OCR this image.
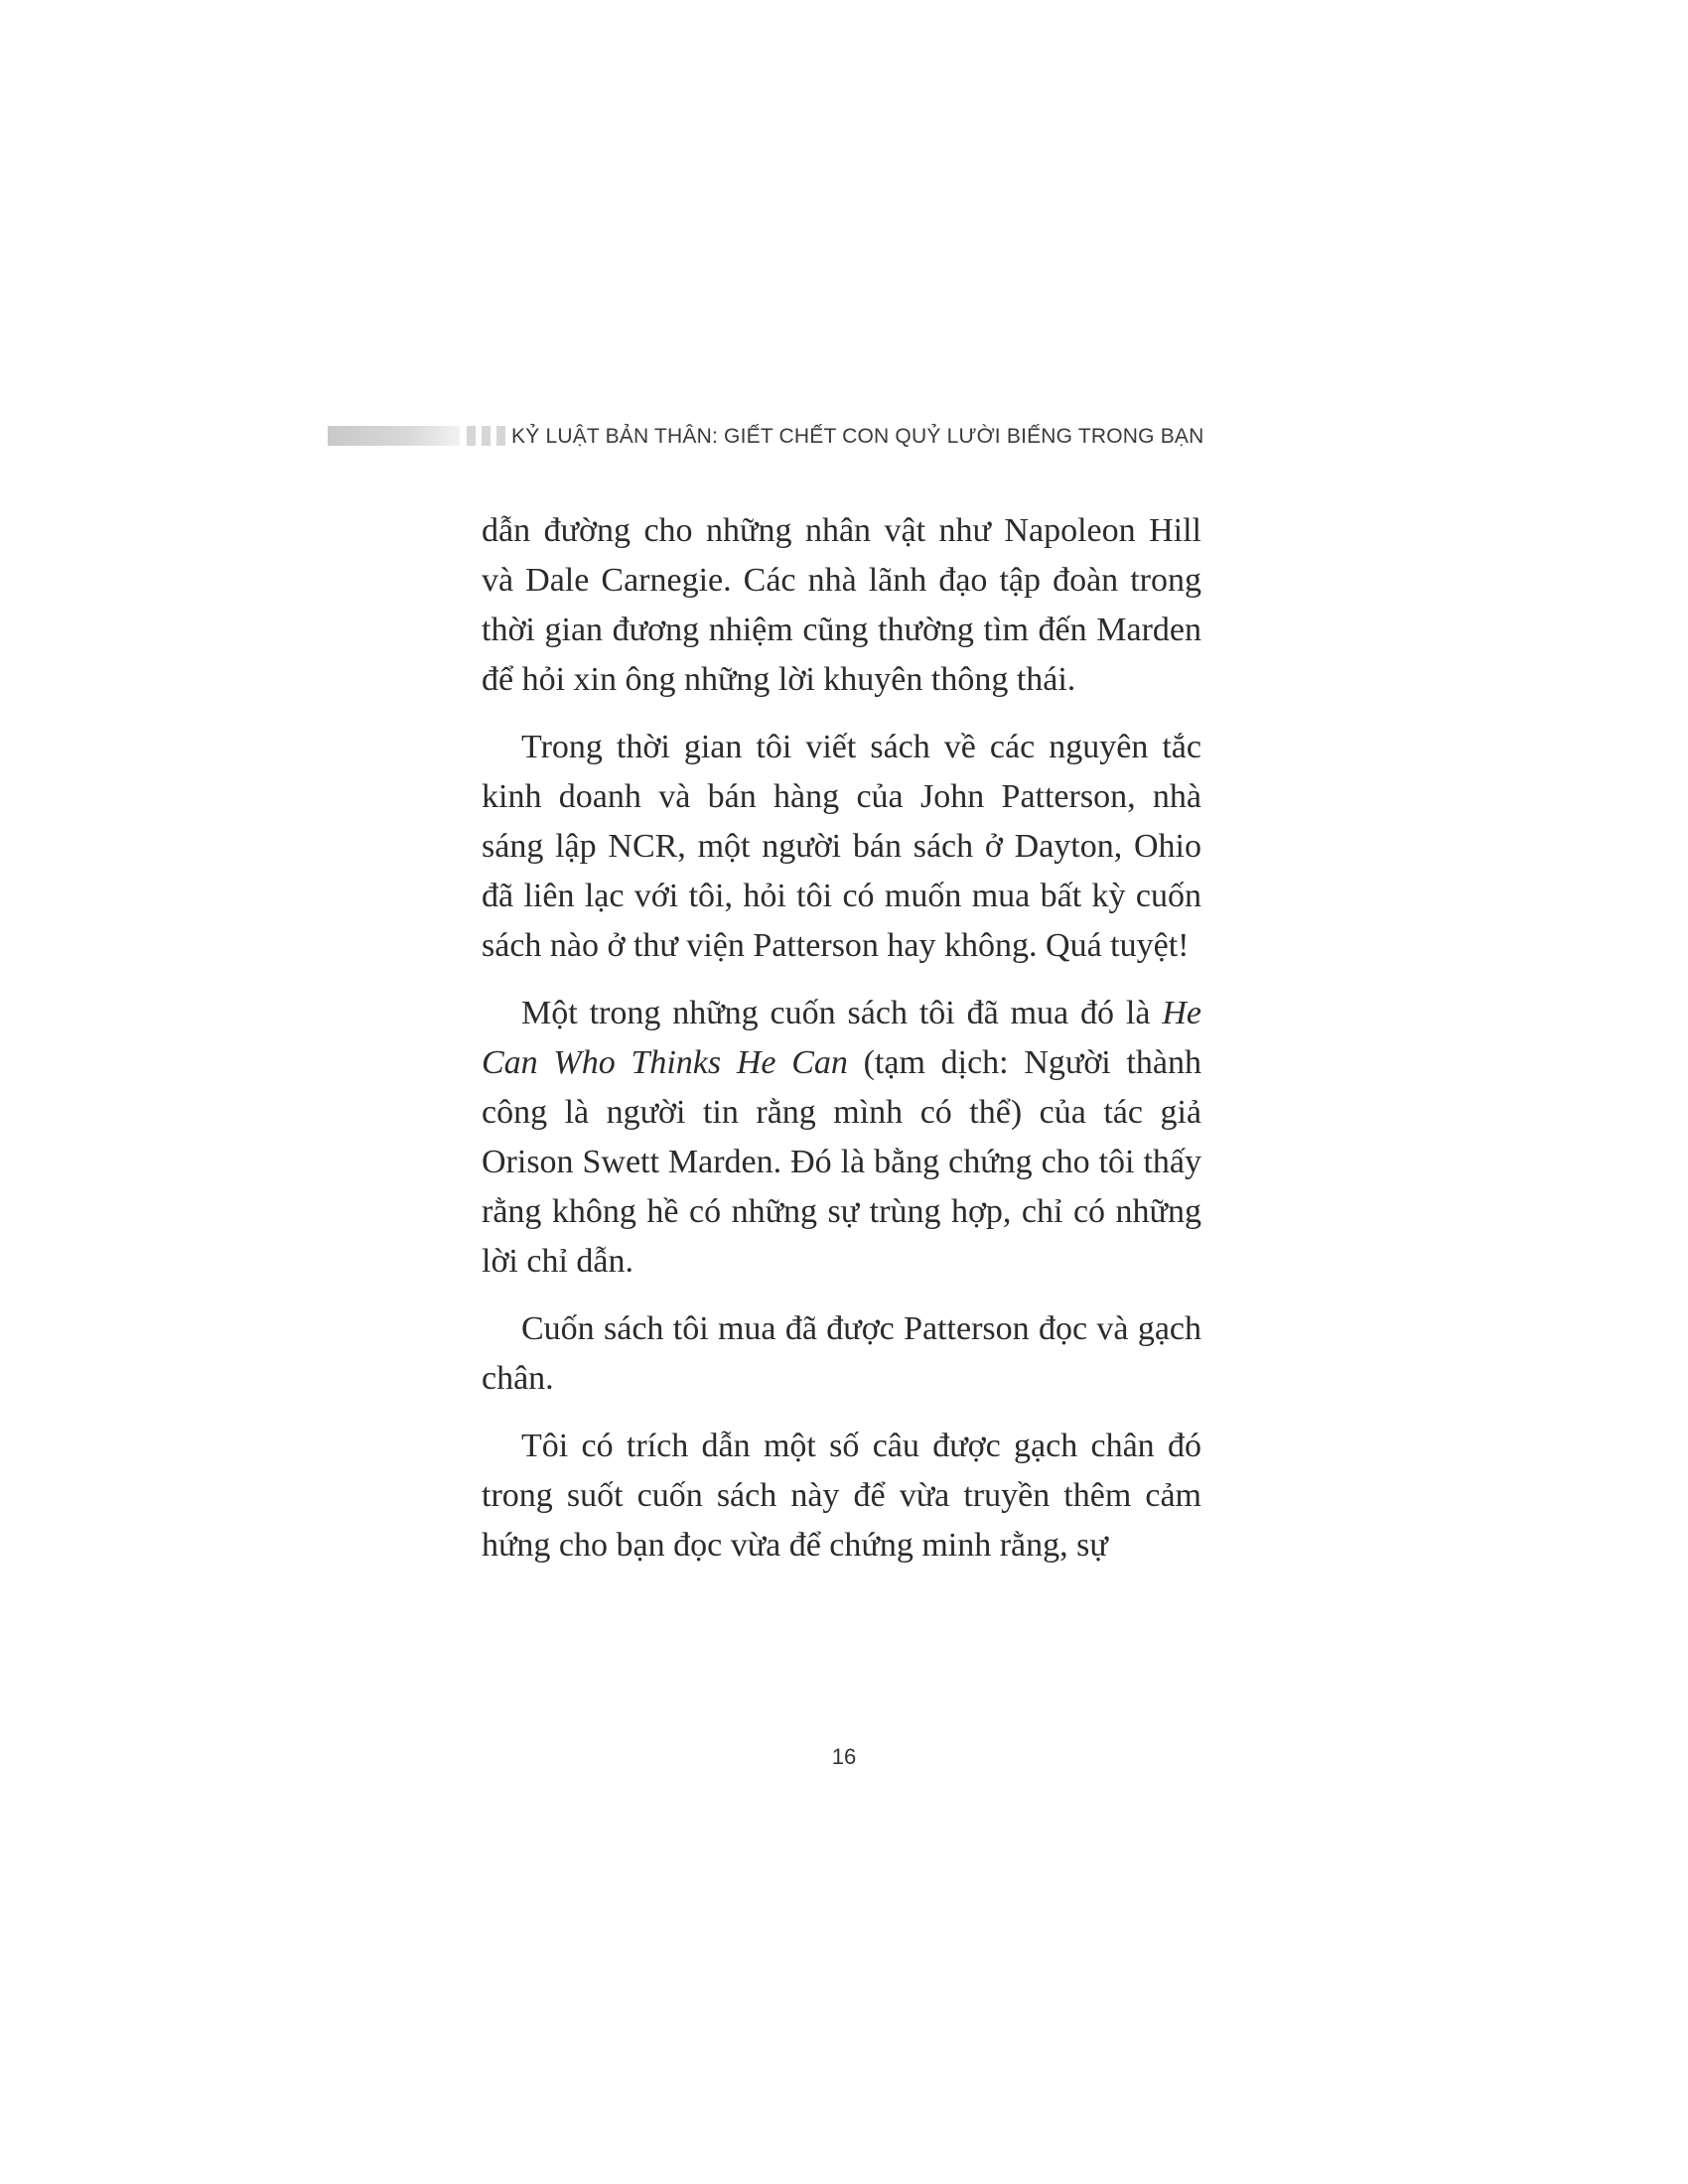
KỶ LUẬT BẢN THÂN: GIẾT CHẾT CON QUỶ LƯỜI BIẾNG TRONG BẠN

dẫn đường cho những nhân vật như Napoleon Hill và Dale Carnegie. Các nhà lãnh đạo tập đoàn trong thời gian đương nhiệm cũng thường tìm đến Marden để hỏi xin ông những lời khuyên thông thái.

Trong thời gian tôi viết sách về các nguyên tắc kinh doanh và bán hàng của John Patterson, nhà sáng lập NCR, một người bán sách ở Dayton, Ohio đã liên lạc với tôi, hỏi tôi có muốn mua bất kỳ cuốn sách nào ở thư viện Patterson hay không. Quá tuyệt!

Một trong những cuốn sách tôi đã mua đó là He Can Who Thinks He Can (tạm dịch: Người thành công là người tin rằng mình có thể) của tác giả Orison Swett Marden. Đó là bằng chứng cho tôi thấy rằng không hề có những sự trùng hợp, chỉ có những lời chỉ dẫn.

Cuốn sách tôi mua đã được Patterson đọc và gạch chân.

Tôi có trích dẫn một số câu được gạch chân đó trong suốt cuốn sách này để vừa truyền thêm cảm hứng cho bạn đọc vừa để chứng minh rằng, sự

16
